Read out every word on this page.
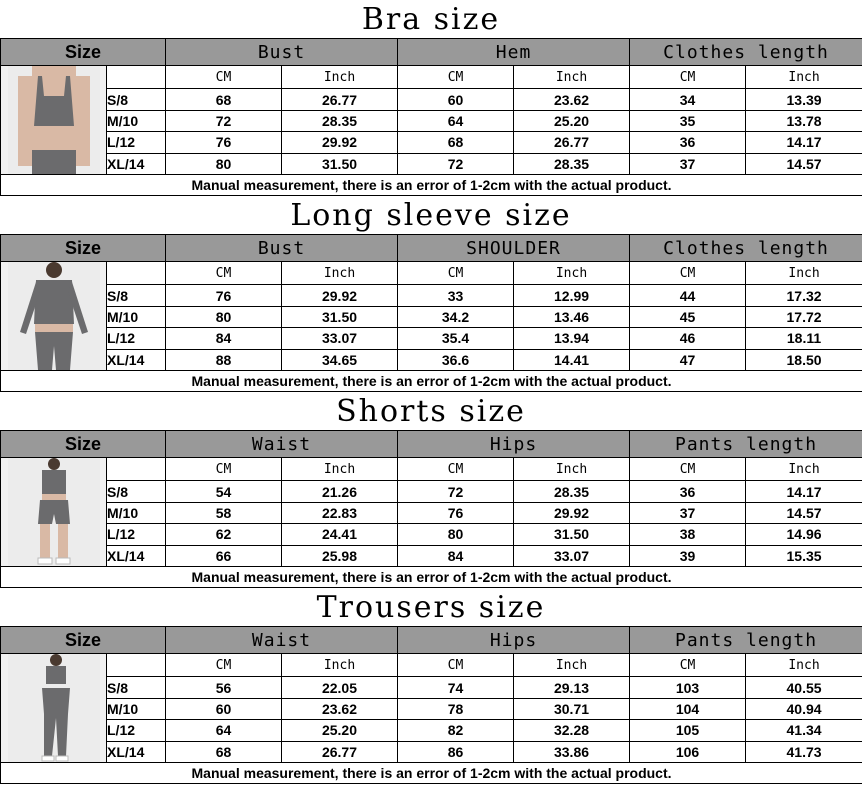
Bra size
Size		Bust		Hem		Clothes length	

		CM	Inch	CM	Inch	CM	Inch
	S/8	68	26.77	60	23.62	34	13.39
	M/10	72	28.35	64	25.20	35	13.78
	L/12	76	29.92	68	26.77	36	14.17
	XL/14	80	31.50	72	28.35	37	14.57
Manual measurement, there is an error of 1-2cm with the actual product.							
Long sleeve size
Size		Bust		SHOULDER		Clothes length	

		CM	Inch	CM	Inch	CM	Inch
	S/8	76	29.92	33	12.99	44	17.32
	M/10	80	31.50	34.2	13.46	45	17.72
	L/12	84	33.07	35.4	13.94	46	18.11
	XL/14	88	34.65	36.6	14.41	47	18.50
Manual measurement, there is an error of 1-2cm with the actual product.							
Shorts size
Size		Waist		Hips		Pants length	

		CM	Inch	CM	Inch	CM	Inch
	S/8	54	21.26	72	28.35	36	14.17
	M/10	58	22.83	76	29.92	37	14.57
	L/12	62	24.41	80	31.50	38	14.96
	XL/14	66	25.98	84	33.07	39	15.35
Manual measurement, there is an error of 1-2cm with the actual product.							
Trousers size
Size		Waist		Hips		Pants length	

		CM	Inch	CM	Inch	CM	Inch
	S/8	56	22.05	74	29.13	103	40.55
	M/10	60	23.62	78	30.71	104	40.94
	L/12	64	25.20	82	32.28	105	41.34
	XL/14	68	26.77	86	33.86	106	41.73
Manual measurement, there is an error of 1-2cm with the actual product.							
